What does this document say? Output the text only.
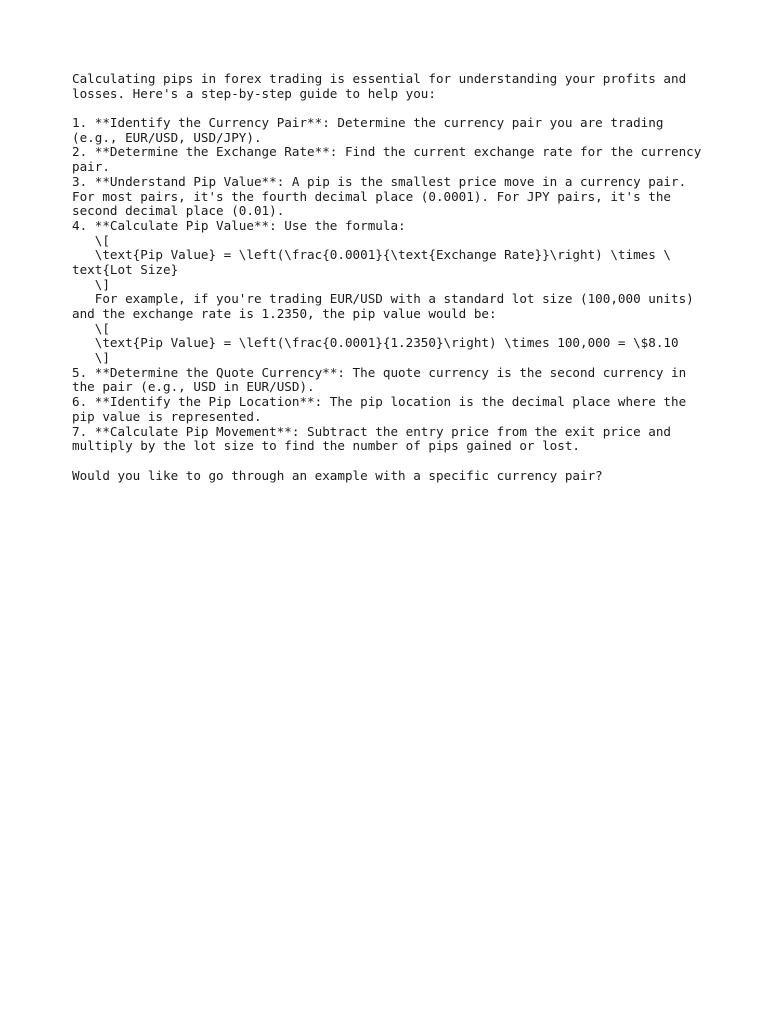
Calculating pips in forex trading is essential for understanding your profits and
losses. Here's a step-by-step guide to help you:
1. **Identify the Currency Pair**: Determine the currency pair you are trading
(e.g., EUR/USD, USD/JPY).
2. **Determine the Exchange Rate**: Find the current exchange rate for the currency
pair.
3. **Understand Pip Value**: A pip is the smallest price move in a currency pair.
For most pairs, it's the fourth decimal place (0.0001). For JPY pairs, it's the
second decimal place (0.01).
4. **Calculate Pip Value**: Use the formula:
\[
\text{Pip Value} = \left(\frac{0.0001}{\text{Exchange Rate}}\right) \times \
text{Lot Size}
\]
For example, if you're trading EUR/USD with a standard lot size (100,000 units)
and the exchange rate is 1.2350, the pip value would be:
\[
\text{Pip Value} = \left(\frac{0.0001}{1.2350}\right) \times 100,000 = \$8.10
\]
5. **Determine the Quote Currency**: The quote currency is the second currency in
the pair (e.g., USD in EUR/USD).
6. **Identify the Pip Location**: The pip location is the decimal place where the
pip value is represented.
7. **Calculate Pip Movement**: Subtract the entry price from the exit price and
multiply by the lot size to find the number of pips gained or lost.
Would you like to go through an example with a specific currency pair?
